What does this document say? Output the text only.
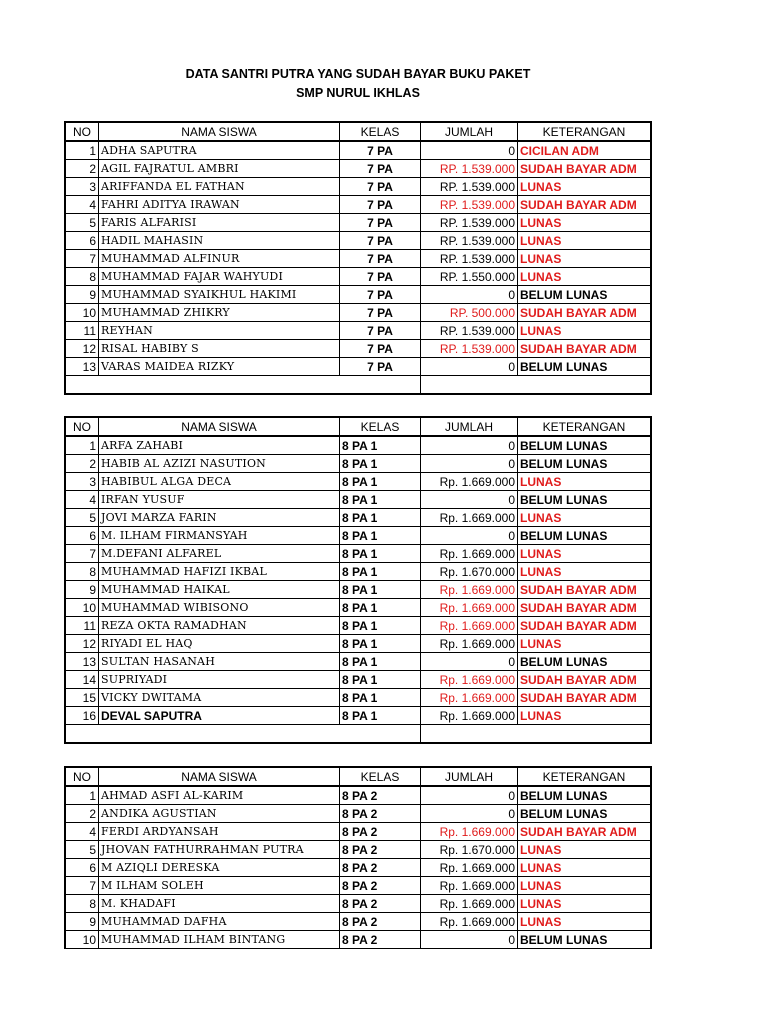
DATA SANTRI PUTRA YANG SUDAH BAYAR BUKU PAKET
SMP NURUL IKHLAS
NO	NAMA SISWA	KELAS	JUMLAH	KETERANGAN
1	ADHA SAPUTRA	7 PA	0	CICILAN ADM
2	AGIL FAJRATUL AMBRI	7 PA	RP. 1.539.000	SUDAH BAYAR ADM
3	ARIFFANDA EL FATHAN	7 PA	RP. 1.539.000	LUNAS
4	FAHRI ADITYA IRAWAN	7 PA	RP. 1.539.000	SUDAH BAYAR ADM
5	FARIS ALFARISI	7 PA	RP. 1.539.000	LUNAS
6	HADIL MAHASIN	7 PA	RP. 1.539.000	LUNAS
7	MUHAMMAD ALFINUR	7 PA	RP. 1.539.000	LUNAS
8	MUHAMMAD FAJAR WAHYUDI	7 PA	RP. 1.550.000	LUNAS
9	MUHAMMAD SYAIKHUL HAKIMI	7 PA	0	BELUM LUNAS
10	MUHAMMAD ZHIKRY	7 PA	RP. 500.000	SUDAH BAYAR ADM
11	REYHAN	7 PA	RP. 1.539.000	LUNAS
12	RISAL HABIBY S	7 PA	RP. 1.539.000	SUDAH BAYAR ADM
13	VARAS MAIDEA RIZKY	7 PA	0	BELUM LUNAS

NO	NAMA SISWA	KELAS	JUMLAH	KETERANGAN
1	ARFA ZAHABI	8 PA 1	0	BELUM LUNAS
2	HABIB AL AZIZI NASUTION	8 PA 1	0	BELUM LUNAS
3	HABIBUL ALGA DECA	8 PA 1	Rp. 1.669.000	LUNAS
4	IRFAN YUSUF	8 PA 1	0	BELUM LUNAS
5	JOVI MARZA FARIN	8 PA 1	Rp. 1.669.000	LUNAS
6	M. ILHAM FIRMANSYAH	8 PA 1	0	BELUM LUNAS
7	M.DEFANI ALFAREL	8 PA 1	Rp. 1.669.000	LUNAS
8	MUHAMMAD HAFIZI IKBAL	8 PA 1	Rp. 1.670.000	LUNAS
9	MUHAMMAD HAIKAL	8 PA 1	Rp. 1.669.000	SUDAH BAYAR ADM
10	MUHAMMAD WIBISONO	8 PA 1	Rp. 1.669.000	SUDAH BAYAR ADM
11	REZA OKTA RAMADHAN	8 PA 1	Rp. 1.669.000	SUDAH BAYAR ADM
12	RIYADI EL HAQ	8 PA 1	Rp. 1.669.000	LUNAS
13	SULTAN HASANAH	8 PA 1	0	BELUM LUNAS
14	SUPRIYADI	8 PA 1	Rp. 1.669.000	SUDAH BAYAR ADM
15	VICKY DWITAMA	8 PA 1	Rp. 1.669.000	SUDAH BAYAR ADM
16	DEVAL SAPUTRA	8 PA 1	Rp. 1.669.000	LUNAS

NO	NAMA SISWA	KELAS	JUMLAH	KETERANGAN
1	AHMAD ASFI AL-KARIM	8 PA 2	0	BELUM LUNAS
2	ANDIKA AGUSTIAN	8 PA 2	0	BELUM LUNAS
4	FERDI ARDYANSAH	8 PA 2	Rp. 1.669.000	SUDAH BAYAR ADM
5	JHOVAN FATHURRAHMAN PUTRA	8 PA 2	Rp. 1.670.000	LUNAS
6	M AZIQLI DERESKA	8 PA 2	Rp. 1.669.000	LUNAS
7	M ILHAM SOLEH	8 PA 2	Rp. 1.669.000	LUNAS
8	M. KHADAFI	8 PA 2	Rp. 1.669.000	LUNAS
9	MUHAMMAD DAFHA	8 PA 2	Rp. 1.669.000	LUNAS
10	MUHAMMAD ILHAM BINTANG	8 PA 2	0	BELUM LUNAS
